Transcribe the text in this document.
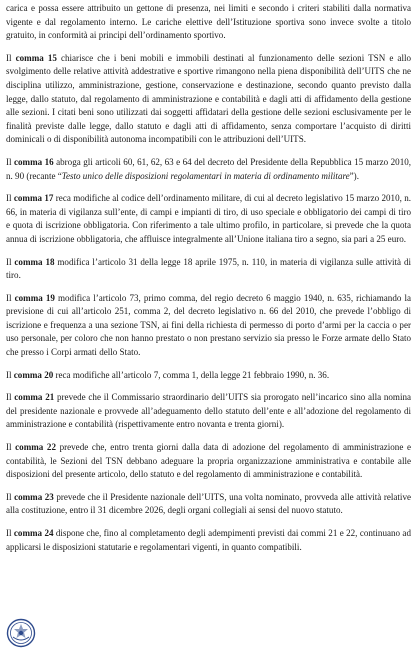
carica e possa essere attribuito un gettone di presenza, nei limiti e secondo i criteri stabiliti dalla normativa vigente e dal regolamento interno. Le cariche elettive dell’Istituzione sportiva sono invece svolte a titolo gratuito, in conformità ai principi dell’ordinamento sportivo.

Il comma 15 chiarisce che i beni mobili e immobili destinati al funzionamento delle sezioni TSN e allo svolgimento delle relative attività addestrative e sportive rimangono nella piena disponibilità dell’UITS che ne disciplina utilizzo, amministrazione, gestione, conservazione e destinazione, secondo quanto previsto dalla legge, dallo statuto, dal regolamento di amministrazione e contabilità e dagli atti di affidamento della gestione alle sezioni. I citati beni sono utilizzati dai soggetti affidatari della gestione delle sezioni esclusivamente per le finalità previste dalle legge, dallo statuto e dagli atti di affidamento, senza comportare l’acquisto di diritti dominicali o di disponibilità autonoma incompatibili con le attribuzioni dell’UITS.

Il comma 16 abroga gli articoli 60, 61, 62, 63 e 64 del decreto del Presidente della Repubblica 15 marzo 2010, n. 90 (recante “Testo unico delle disposizioni regolamentari in materia di ordinamento militare”).

Il comma 17 reca modifiche al codice dell’ordinamento militare, di cui al decreto legislativo 15 marzo 2010, n. 66, in materia di vigilanza sull’ente, di campi e impianti di tiro, di uso speciale e obbligatorio dei campi di tiro e quota di iscrizione obbligatoria. Con riferimento a tale ultimo profilo, in particolare, si prevede che la quota annua di iscrizione obbligatoria, che affluisce integralmente all’Unione italiana tiro a segno, sia pari a 25 euro.

Il comma 18 modifica l’articolo 31 della legge 18 aprile 1975, n. 110, in materia di vigilanza sulle attività di tiro.

Il comma 19 modifica l’articolo 73, primo comma, del regio decreto 6 maggio 1940, n. 635, richiamando la previsione di cui all’articolo 251, comma 2, del decreto legislativo n. 66 del 2010, che prevede l’obbligo di iscrizione e frequenza a una sezione TSN, ai fini della richiesta di permesso di porto d’armi per la caccia o per uso personale, per coloro che non hanno prestato o non prestano servizio sia presso le Forze armate dello Stato che presso i Corpi armati dello Stato.

Il comma 20 reca modifiche all’articolo 7, comma 1, della legge 21 febbraio 1990, n. 36.

Il comma 21 prevede che il Commissario straordinario dell’UITS sia prorogato nell’incarico sino alla nomina del presidente nazionale e provvede all’adeguamento dello statuto dell’ente e all’adozione del regolamento di amministrazione e contabilità (rispettivamente entro novanta e trenta giorni).

Il comma 22 prevede che, entro trenta giorni dalla data di adozione del regolamento di amministrazione e contabilità, le Sezioni del TSN debbano adeguare la propria organizzazione amministrativa e contabile alle disposizioni del presente articolo, dello statuto e del regolamento di amministrazione e contabilità.

Il comma 23 prevede che il Presidente nazionale dell’UITS, una volta nominato, provveda alle attività relative alla costituzione, entro il 31 dicembre 2026, degli organi collegiali ai sensi del nuovo statuto.

Il comma 24 dispone che, fino al completamento degli adempimenti previsti dai commi 21 e 22, continuano ad applicarsi le disposizioni statutarie e regolamentari vigenti, in quanto compatibili.
